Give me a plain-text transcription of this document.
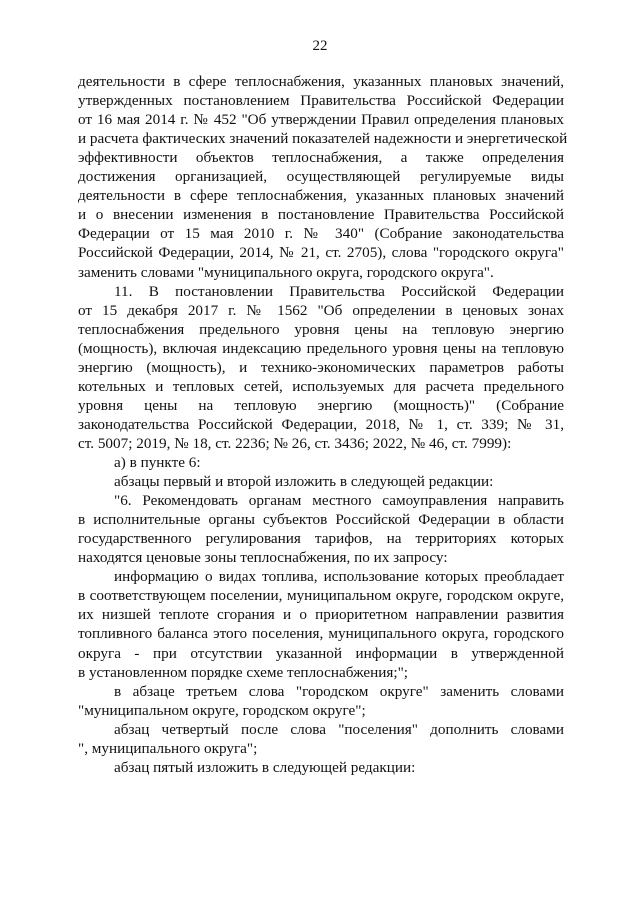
22
деятельности в сфере теплоснабжения, указанных плановых значений,
утвержденных постановлением Правительства Российской Федерации
от 16 мая 2014 г. № 452 "Об утверждении Правил определения плановых
и расчета фактических значений показателей надежности и энергетической
эффективности объектов теплоснабжения, а также определения
достижения организацией, осуществляющей регулируемые виды
деятельности в сфере теплоснабжения, указанных плановых значений
и о внесении изменения в постановление Правительства Российской
Федерации от 15 мая 2010 г. № 340" (Собрание законодательства
Российской Федерации, 2014, № 21, ст. 2705), слова "городского округа"
заменить словами "муниципального округа, городского округа".
11. В постановлении Правительства Российской Федерации
от 15 декабря 2017 г. № 1562 "Об определении в ценовых зонах
теплоснабжения предельного уровня цены на тепловую энергию
(мощность), включая индексацию предельного уровня цены на тепловую
энергию (мощность), и технико-экономических параметров работы
котельных и тепловых сетей, используемых для расчета предельного
уровня цены на тепловую энергию (мощность)" (Собрание
законодательства Российской Федерации, 2018, № 1, ст. 339; № 31,
ст. 5007; 2019, № 18, ст. 2236; № 26, ст. 3436; 2022, № 46, ст. 7999):
а) в пункте 6:
абзацы первый и второй изложить в следующей редакции:
"6. Рекомендовать органам местного самоуправления направить
в исполнительные органы субъектов Российской Федерации в области
государственного регулирования тарифов, на территориях которых
находятся ценовые зоны теплоснабжения, по их запросу:
информацию о видах топлива, использование которых преобладает
в соответствующем поселении, муниципальном округе, городском округе,
их низшей теплоте сгорания и о приоритетном направлении развития
топливного баланса этого поселения, муниципального округа, городского
округа - при отсутствии указанной информации в утвержденной
в установленном порядке схеме теплоснабжения;";
в абзаце третьем слова "городском округе" заменить словами
"муниципальном округе, городском округе";
абзац четвертый после слова "поселения" дополнить словами
", муниципального округа";
абзац пятый изложить в следующей редакции:
